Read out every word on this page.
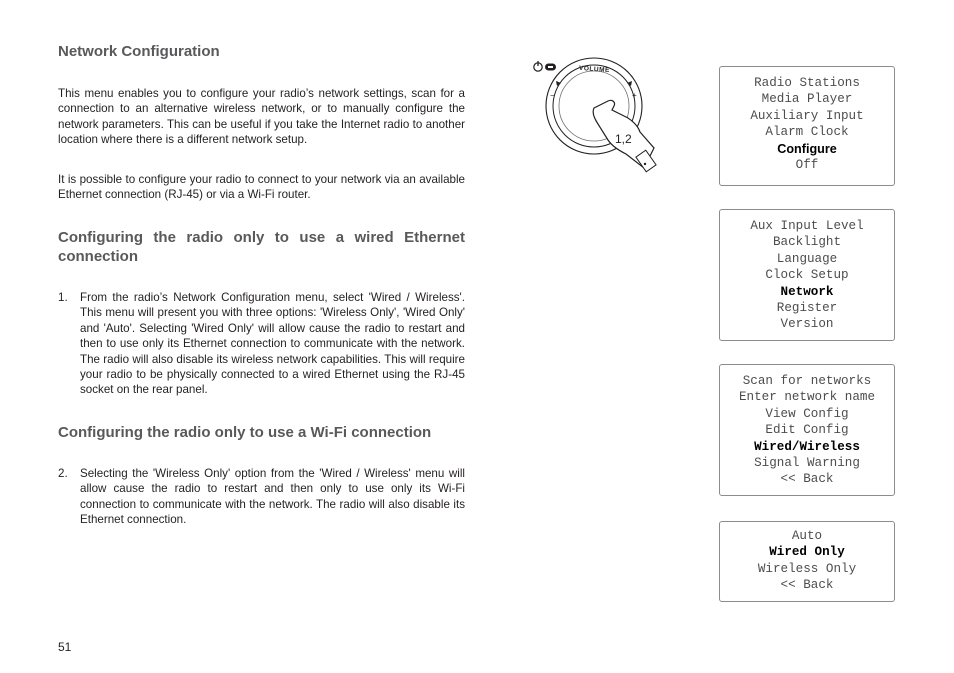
Network Configuration
This menu enables you to configure your radio’s network settings, scan for a connection to an alternative wireless network, or to manually configure the network parameters. This can be useful if you take the Internet radio to another location where there is a different network setup.
It is possible to configure your radio to connect to your network via an available Ethernet connection (RJ-45) or via a Wi-Fi router.
Configuring the radio only to use a wired Ethernet connection
1. From the radio’s Network Configuration menu, select 'Wired / Wireless'. This menu will present you with three options: 'Wireless Only', 'Wired Only' and 'Auto'. Selecting 'Wired Only' will allow cause the radio to restart and then to use only its Ethernet connection to communicate with the network. The radio will also disable its wireless network capabilities. This will require your radio to be physically connected to a wired Ethernet using the RJ-45 socket on the rear panel.
Configuring the radio only to use a Wi-Fi connection
2. Selecting the 'Wireless Only' option from the 'Wired / Wireless' menu will allow cause the radio to restart and then only to use only its Wi-Fi connection to communicate with the network. The radio will also disable its Ethernet connection.
51
−	+
VOLUME
1,2
Radio Stations
Media Player
Auxiliary Input
Alarm Clock
Configure
Off
Aux Input Level
Backlight
Language
Clock Setup
Network
Register
Version
Scan for networks
Enter network name
View Config
Edit Config
Wired/Wireless
Signal Warning
<< Back
Auto
Wired Only
Wireless Only
<< Back
